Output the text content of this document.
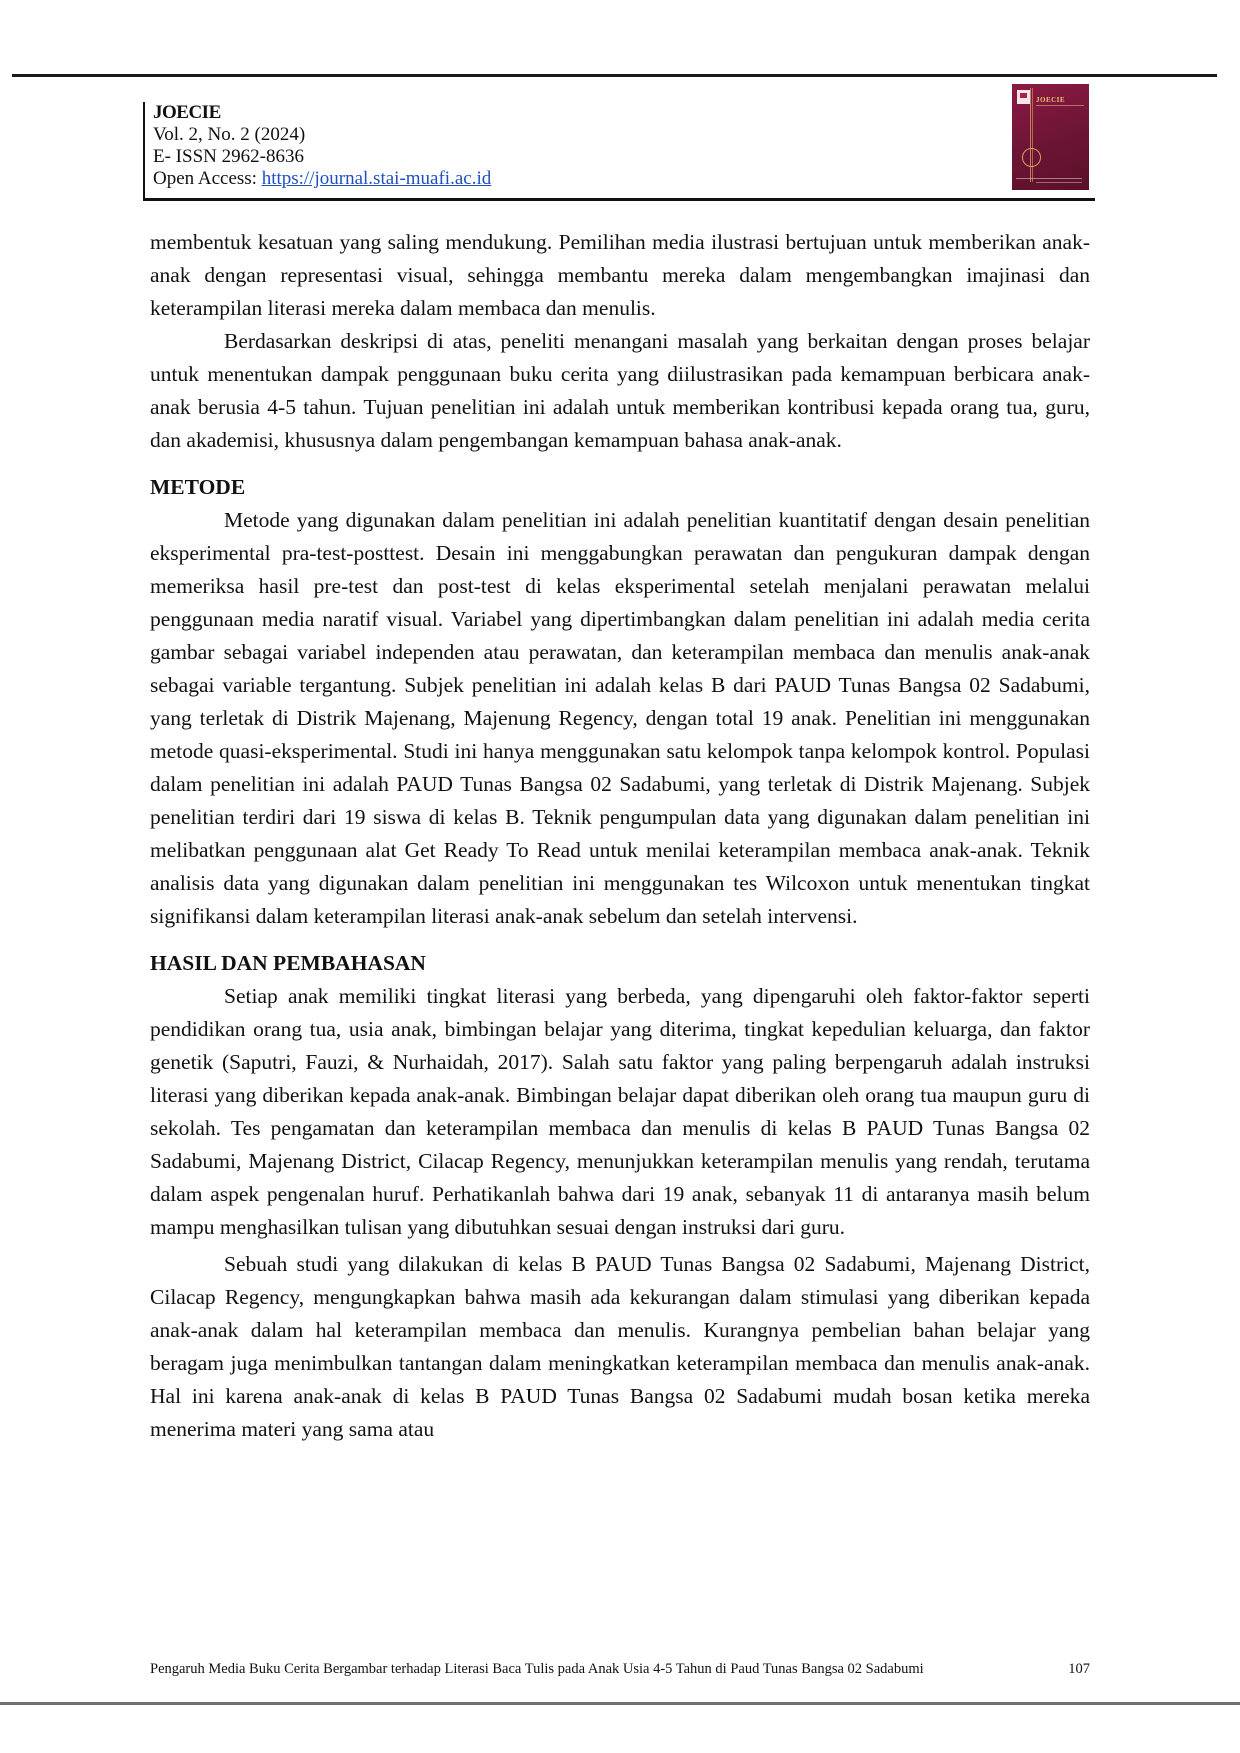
JOECIE
Vol. 2, No. 2 (2024)
E- ISSN 2962-8636
Open Access: https://journal.stai-muafi.ac.id
JOECIE

membentuk kesatuan yang saling mendukung. Pemilihan media ilustrasi bertujuan untuk memberikan anak-anak dengan representasi visual, sehingga membantu mereka dalam mengembangkan imajinasi dan keterampilan literasi mereka dalam membaca dan menulis.

Berdasarkan deskripsi di atas, peneliti menangani masalah yang berkaitan dengan proses belajar untuk menentukan dampak penggunaan buku cerita yang diilustrasikan pada kemampuan berbicara anak-anak berusia 4-5 tahun. Tujuan penelitian ini adalah untuk memberikan kontribusi kepada orang tua, guru, dan akademisi, khususnya dalam pengembangan kemampuan bahasa anak-anak.

METODE

Metode yang digunakan dalam penelitian ini adalah penelitian kuantitatif dengan desain penelitian eksperimental pra-test-posttest. Desain ini menggabungkan perawatan dan pengukuran dampak dengan memeriksa hasil pre-test dan post-test di kelas eksperimental setelah menjalani perawatan melalui penggunaan media naratif visual. Variabel yang dipertimbangkan dalam penelitian ini adalah media cerita gambar sebagai variabel independen atau perawatan, dan keterampilan membaca dan menulis anak-anak sebagai variable tergantung. Subjek penelitian ini adalah kelas B dari PAUD Tunas Bangsa 02 Sadabumi, yang terletak di Distrik Majenang, Majenung Regency, dengan total 19 anak. Penelitian ini menggunakan metode quasi-eksperimental. Studi ini hanya menggunakan satu kelompok tanpa kelompok kontrol. Populasi dalam penelitian ini adalah PAUD Tunas Bangsa 02 Sadabumi, yang terletak di Distrik Majenang. Subjek penelitian terdiri dari 19 siswa di kelas B. Teknik pengumpulan data yang digunakan dalam penelitian ini melibatkan penggunaan alat Get Ready To Read untuk menilai keterampilan membaca anak-anak. Teknik analisis data yang digunakan dalam penelitian ini menggunakan tes Wilcoxon untuk menentukan tingkat signifikansi dalam keterampilan literasi anak-anak sebelum dan setelah intervensi.

HASIL DAN PEMBAHASAN

Setiap anak memiliki tingkat literasi yang berbeda, yang dipengaruhi oleh faktor-faktor seperti pendidikan orang tua, usia anak, bimbingan belajar yang diterima, tingkat kepedulian keluarga, dan faktor genetik (Saputri, Fauzi, & Nurhaidah, 2017). Salah satu faktor yang paling berpengaruh adalah instruksi literasi yang diberikan kepada anak-anak. Bimbingan belajar dapat diberikan oleh orang tua maupun guru di sekolah. Tes pengamatan dan keterampilan membaca dan menulis di kelas B PAUD Tunas Bangsa 02 Sadabumi, Majenang District, Cilacap Regency, menunjukkan keterampilan menulis yang rendah, terutama dalam aspek pengenalan huruf. Perhatikanlah bahwa dari 19 anak, sebanyak 11 di antaranya masih belum mampu menghasilkan tulisan yang dibutuhkan sesuai dengan instruksi dari guru.

Sebuah studi yang dilakukan di kelas B PAUD Tunas Bangsa 02 Sadabumi, Majenang District, Cilacap Regency, mengungkapkan bahwa masih ada kekurangan dalam stimulasi yang diberikan kepada anak-anak dalam hal keterampilan membaca dan menulis. Kurangnya pembelian bahan belajar yang beragam juga menimbulkan tantangan dalam meningkatkan keterampilan membaca dan menulis anak-anak. Hal ini karena anak-anak di kelas B PAUD Tunas Bangsa 02 Sadabumi mudah bosan ketika mereka menerima materi yang sama atau

Pengaruh Media Buku Cerita Bergambar terhadap Literasi Baca Tulis pada Anak Usia 4-5 Tahun di Paud Tunas Bangsa 02 Sadabumi	107
